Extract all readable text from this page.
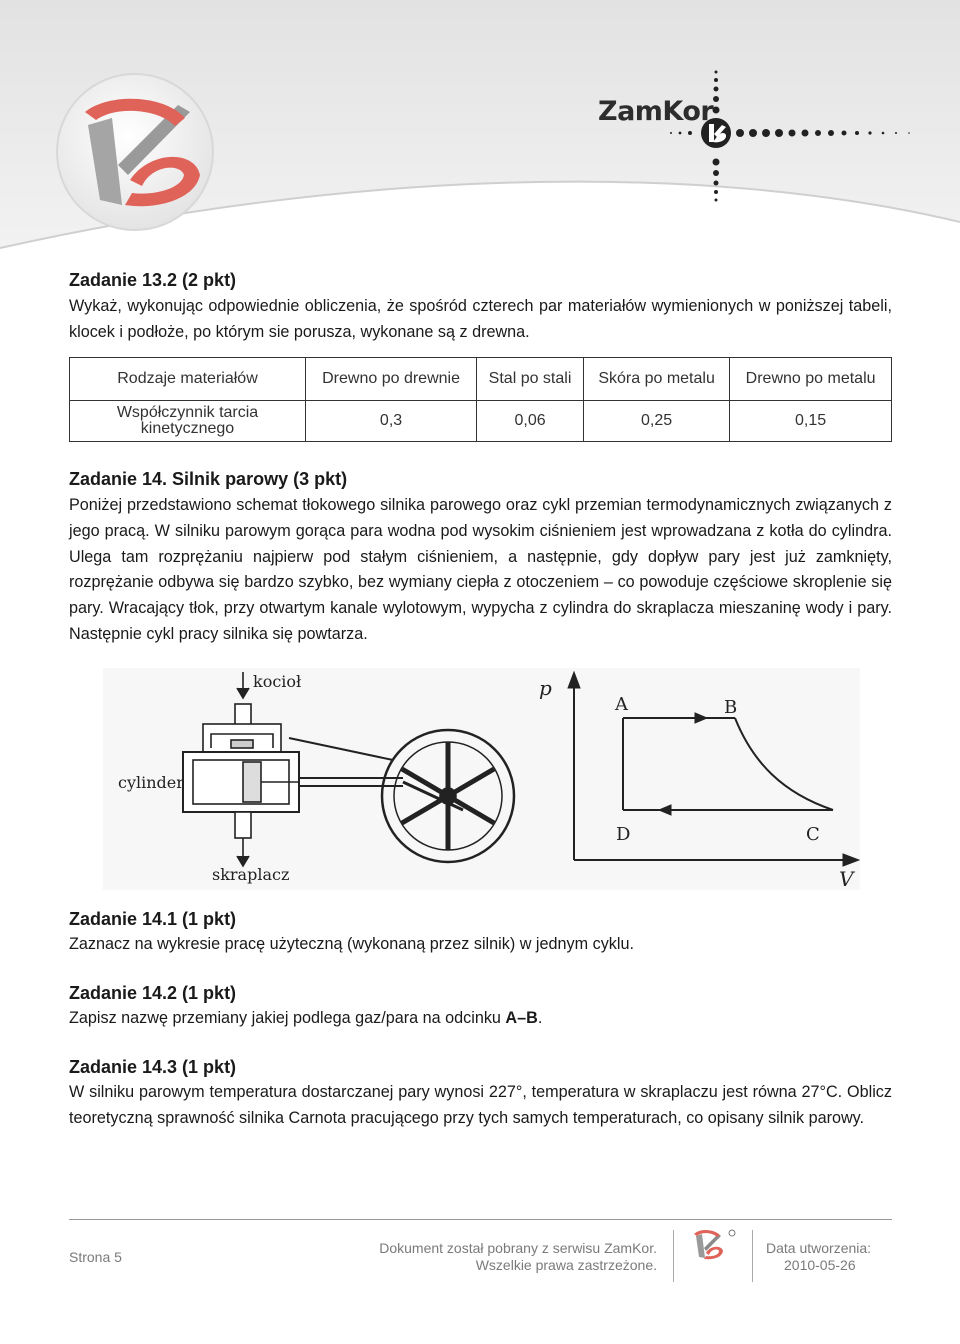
ZamKor
Zadanie 13.2 (2 pkt)
Wykaż, wykonując odpowiednie obliczenia, że spośród czterech par materiałów wymienionych w poniższej tabeli, klocek i podłoże, po którym sie porusza, wykonane są z drewna.
Rodzaje materiałów	Drewno po drewnie	Stal po stali	Skóra po metalu	Drewno po metalu
Współczynnik tarcia kinetycznego	0,3	0,06	0,25	0,15
Zadanie 14. Silnik parowy (3 pkt)
Poniżej przedstawiono schemat tłokowego silnika parowego oraz cykl przemian termodynamicznych związanych z jego pracą. W silniku parowym gorąca para wodna pod wysokim ciśnieniem jest wprowadzana z kotła do cylindra. Ulega tam rozprężaniu najpierw pod stałym ciśnieniem, a następnie, gdy dopływ pary jest już zamknięty, rozprężanie odbywa się bardzo szybko, bez wymiany ciepła z otoczeniem – co powoduje częściowe skroplenie się pary. Wracający tłok, przy otwartym kanale wylotowym, wypycha z cylindra do skraplacza mieszaninę wody i pary. Następnie cykl pracy silnika się powtarza.
kocioł
cylinder
skraplacz
p
V
A	B
C
D
Zadanie 14.1 (1 pkt)
Zaznacz na wykresie pracę użyteczną (wykonaną przez silnik) w jednym cyklu.
Zadanie 14.2 (1 pkt)
Zapisz nazwę przemiany jakiej podlega gaz/para na odcinku A–B.
Zadanie 14.3 (1 pkt)
W silniku parowym temperatura dostarczanej pary wynosi 227°, temperatura w skraplaczu jest równa 27°C. Oblicz teoretyczną sprawność silnika Carnota pracującego przy tych samych temperaturach, co opisany silnik parowy.
Strona 5
Dokument został pobrany z serwisu ZamKor.
Wszelkie prawa zastrzeżone.
Data utworzenia:
2010-05-26
